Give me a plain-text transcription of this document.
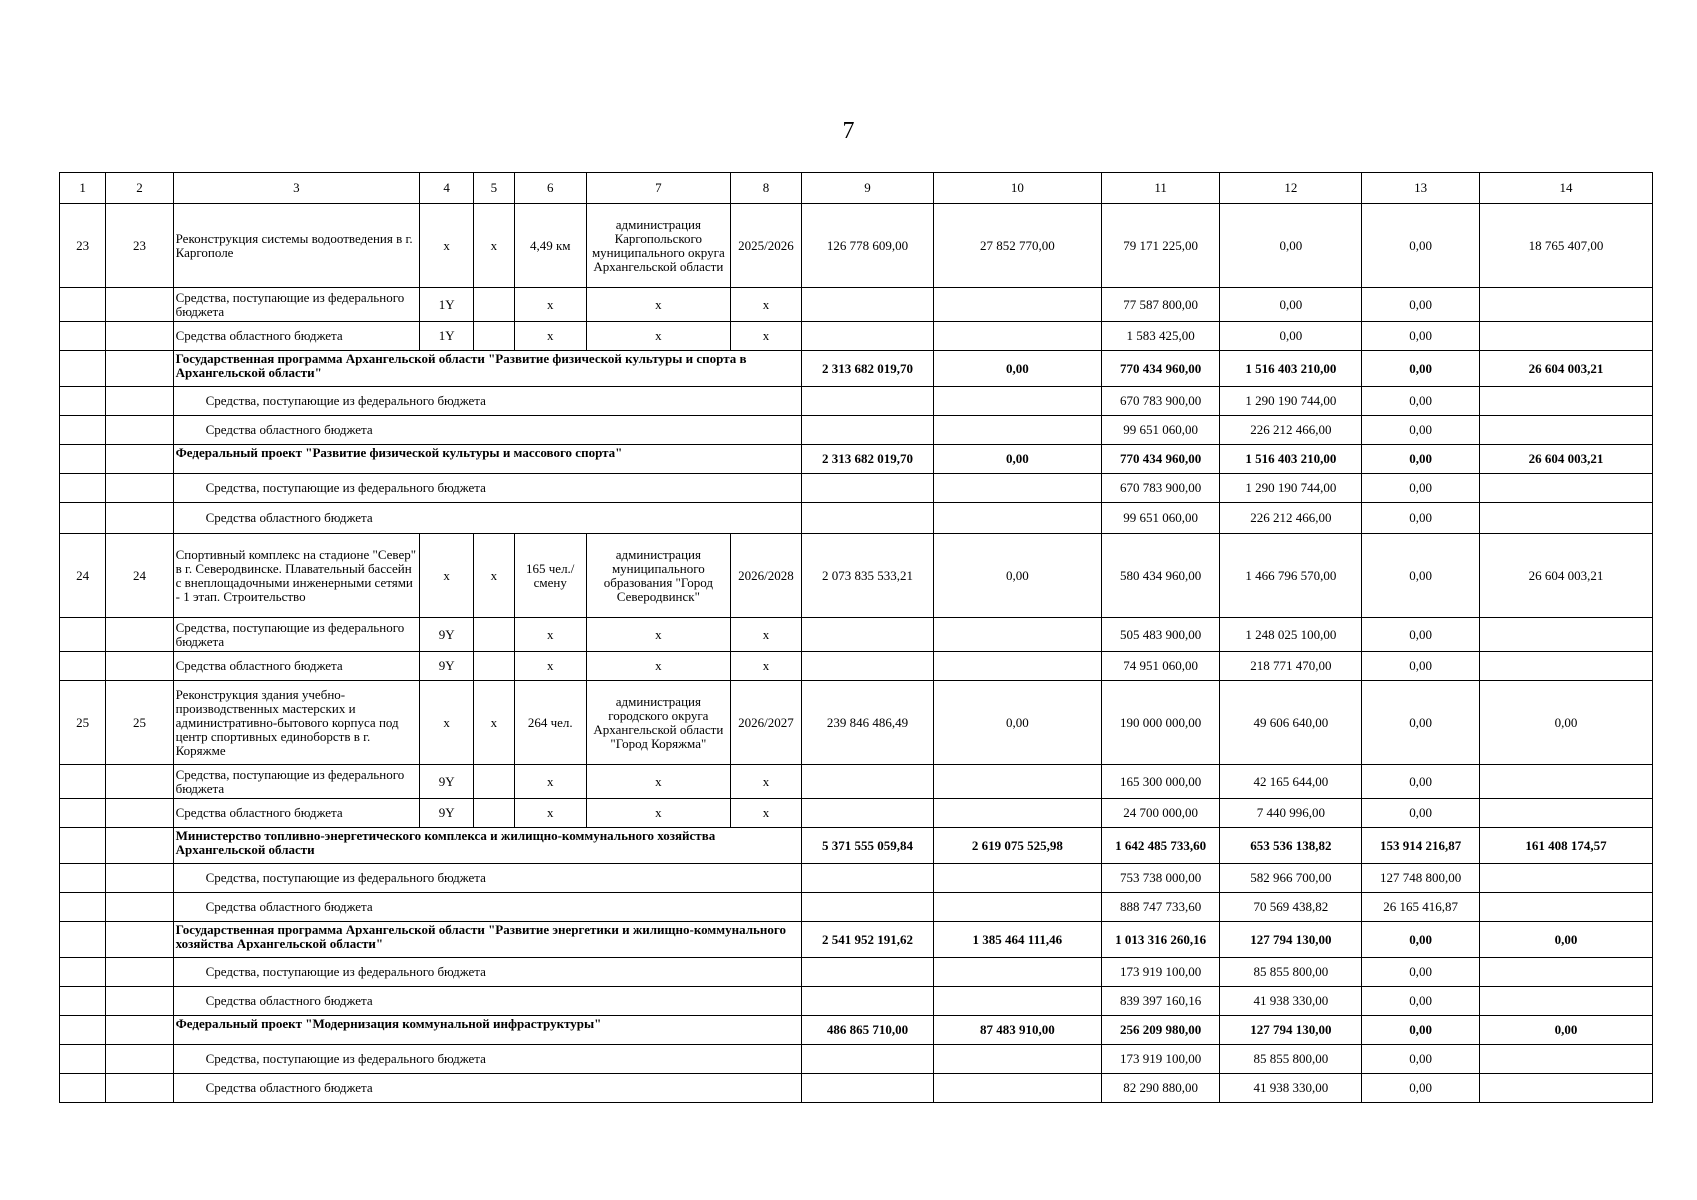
7
1	2	3	4	5	6	7	8	9	10	11	12	13	14
23	23	Реконструкция системы водоотведения в г. Каргополе	x	x	4,49 км	администрация Каргопольского муниципального округа Архангельской области	2025/2026	126 778 609,00	27 852 770,00	79 171 225,00	0,00	0,00	18 765 407,00
		Средства, поступающие из федерального бюджета	1Y		x	x	x			77 587 800,00	0,00	0,00	
		Средства областного бюджета	1Y		x	x	x			1 583 425,00	0,00	0,00	
		Государственная программа Архангельской области "Развитие физической культуры и спорта в Архангельской области"						2 313 682 019,70	0,00	770 434 960,00	1 516 403 210,00	0,00	26 604 003,21
		Средства, поступающие из федерального бюджета								670 783 900,00	1 290 190 744,00	0,00	
		Средства областного бюджета								99 651 060,00	226 212 466,00	0,00	
		Федеральный проект "Развитие физической культуры и массового спорта"						2 313 682 019,70	0,00	770 434 960,00	1 516 403 210,00	0,00	26 604 003,21
		Средства, поступающие из федерального бюджета								670 783 900,00	1 290 190 744,00	0,00	
		Средства областного бюджета								99 651 060,00	226 212 466,00	0,00	
24	24	Спортивный комплекс на стадионе "Север" в г. Северодвинске. Плавательный бассейн с внеплощадочными инженерными сетями - 1 этап. Строительство	x	x	165 чел./смену	администрация муниципального образования "Город Северодвинск"	2026/2028	2 073 835 533,21	0,00	580 434 960,00	1 466 796 570,00	0,00	26 604 003,21
		Средства, поступающие из федерального бюджета	9Y		x	x	x			505 483 900,00	1 248 025 100,00	0,00	
		Средства областного бюджета	9Y		x	x	x			74 951 060,00	218 771 470,00	0,00	
25	25	Реконструкция здания учебно-производственных мастерских и административно-бытового корпуса под центр спортивных единоборств в г. Коряжме	x	x	264 чел.	администрация городского округа Архангельской области "Город Коряжма"	2026/2027	239 846 486,49	0,00	190 000 000,00	49 606 640,00	0,00	0,00
		Средства, поступающие из федерального бюджета	9Y		x	x	x			165 300 000,00	42 165 644,00	0,00	
		Средства областного бюджета	9Y		x	x	x			24 700 000,00	7 440 996,00	0,00	
		Министерство топливно-энергетического комплекса и жилищно-коммунального хозяйства Архангельской области						5 371 555 059,84	2 619 075 525,98	1 642 485 733,60	653 536 138,82	153 914 216,87	161 408 174,57
		Средства, поступающие из федерального бюджета								753 738 000,00	582 966 700,00	127 748 800,00	
		Средства областного бюджета								888 747 733,60	70 569 438,82	26 165 416,87	
		Государственная программа Архангельской области "Развитие энергетики и жилищно-коммунального хозяйства Архангельской области"						2 541 952 191,62	1 385 464 111,46	1 013 316 260,16	127 794 130,00	0,00	0,00
		Средства, поступающие из федерального бюджета								173 919 100,00	85 855 800,00	0,00	
		Средства областного бюджета								839 397 160,16	41 938 330,00	0,00	
		Федеральный проект "Модернизация коммунальной инфраструктуры"						486 865 710,00	87 483 910,00	256 209 980,00	127 794 130,00	0,00	0,00
		Средства, поступающие из федерального бюджета								173 919 100,00	85 855 800,00	0,00	
		Средства областного бюджета								82 290 880,00	41 938 330,00	0,00	
